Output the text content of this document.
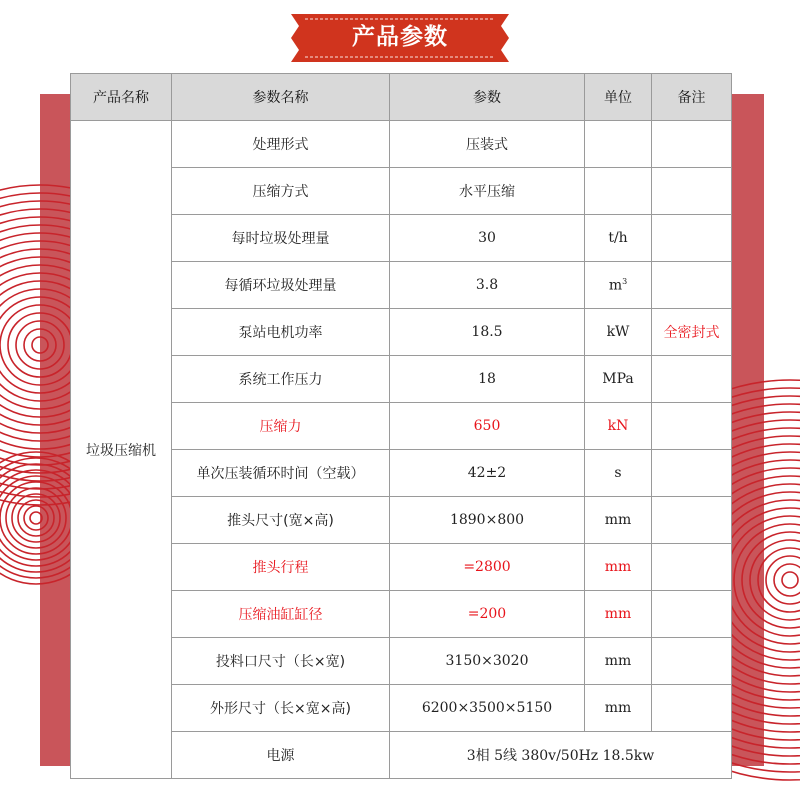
产品参数
产品名称	参数名称	参数	单位	备注
垃圾压缩机	处理形式	压装式		
	压缩方式	水平压缩		
	每时垃圾处理量	30	t/h	
	每循环垃圾处理量	3.8	$m^3$	
	泵站电机功率	18.5	kW	全密封式
	系统工作压力	18	MPa	
	压缩力	650	kN	
	单次压装循环时间（空载）	42±2	s	
	推头尺寸(宽×高)	1890×800	mm	
	推头行程	=2800	mm	
	压缩油缸缸径	=200	mm	
	投料口尺寸（长×宽)	3150×3020	mm	
	外形尺寸（长×宽×高)	6200×3500×5150	mm	
	电源	3相 5线 380v/50Hz 18.5kw		
